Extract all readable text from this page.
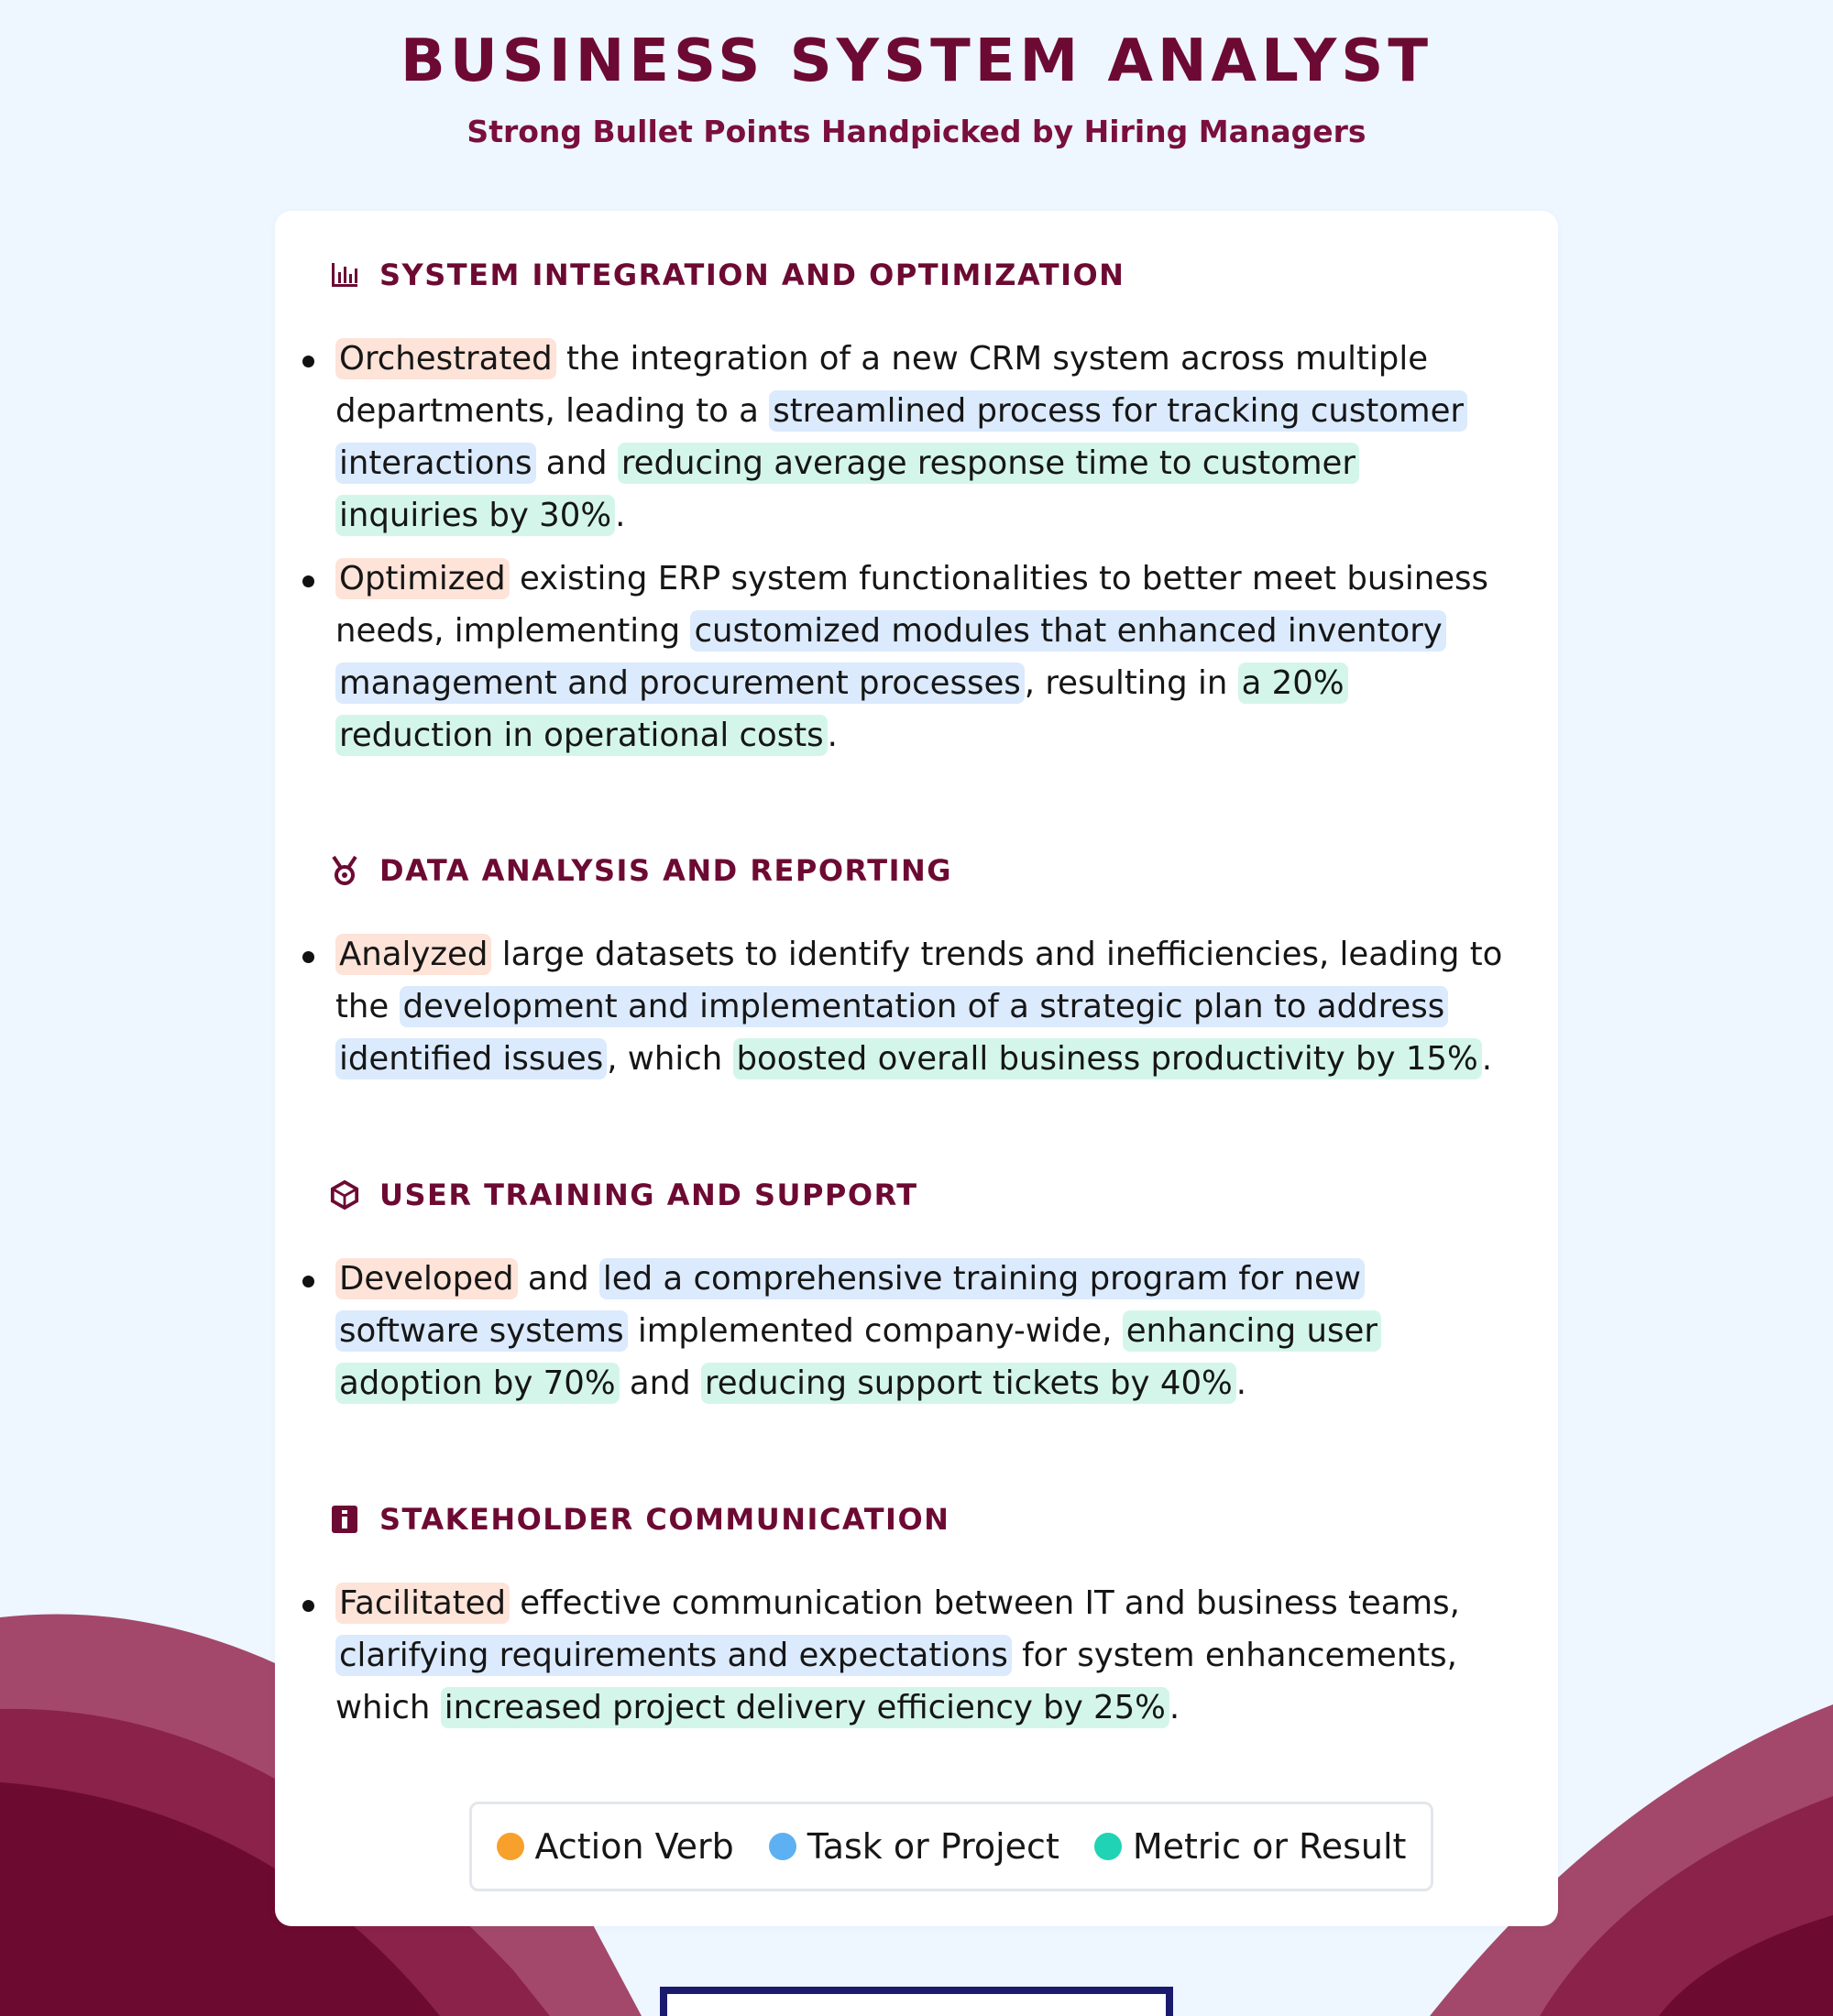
BUSINESS SYSTEM ANALYST
Strong Bullet Points Handpicked by Hiring Managers
SYSTEM INTEGRATION AND OPTIMIZATION
Orchestrated the integration of a new CRM system across multiple departments, leading to a streamlined process for tracking customer interactions and reducing average response time to customer inquiries by 30% .
Optimized existing ERP system functionalities to better meet business needs, implementing customized modules that enhanced inventory management and procurement processes , resulting in a 20% reduction in operational costs .
DATA ANALYSIS AND REPORTING
Analyzed large datasets to identify trends and inefficiencies, leading to the development and implementation of a strategic plan to address identified issues , which boosted overall business productivity by 15% .
USER TRAINING AND SUPPORT
Developed and led a comprehensive training program for new software systems implemented company-wide, enhancing user adoption by 70% and reducing support tickets by 40% .
STAKEHOLDER COMMUNICATION
Facilitated effective communication between IT and business teams, clarifying requirements and expectations for system enhancements, which increased project delivery efficiency by 25% .
Action Verb Task or Project Metric or Result
